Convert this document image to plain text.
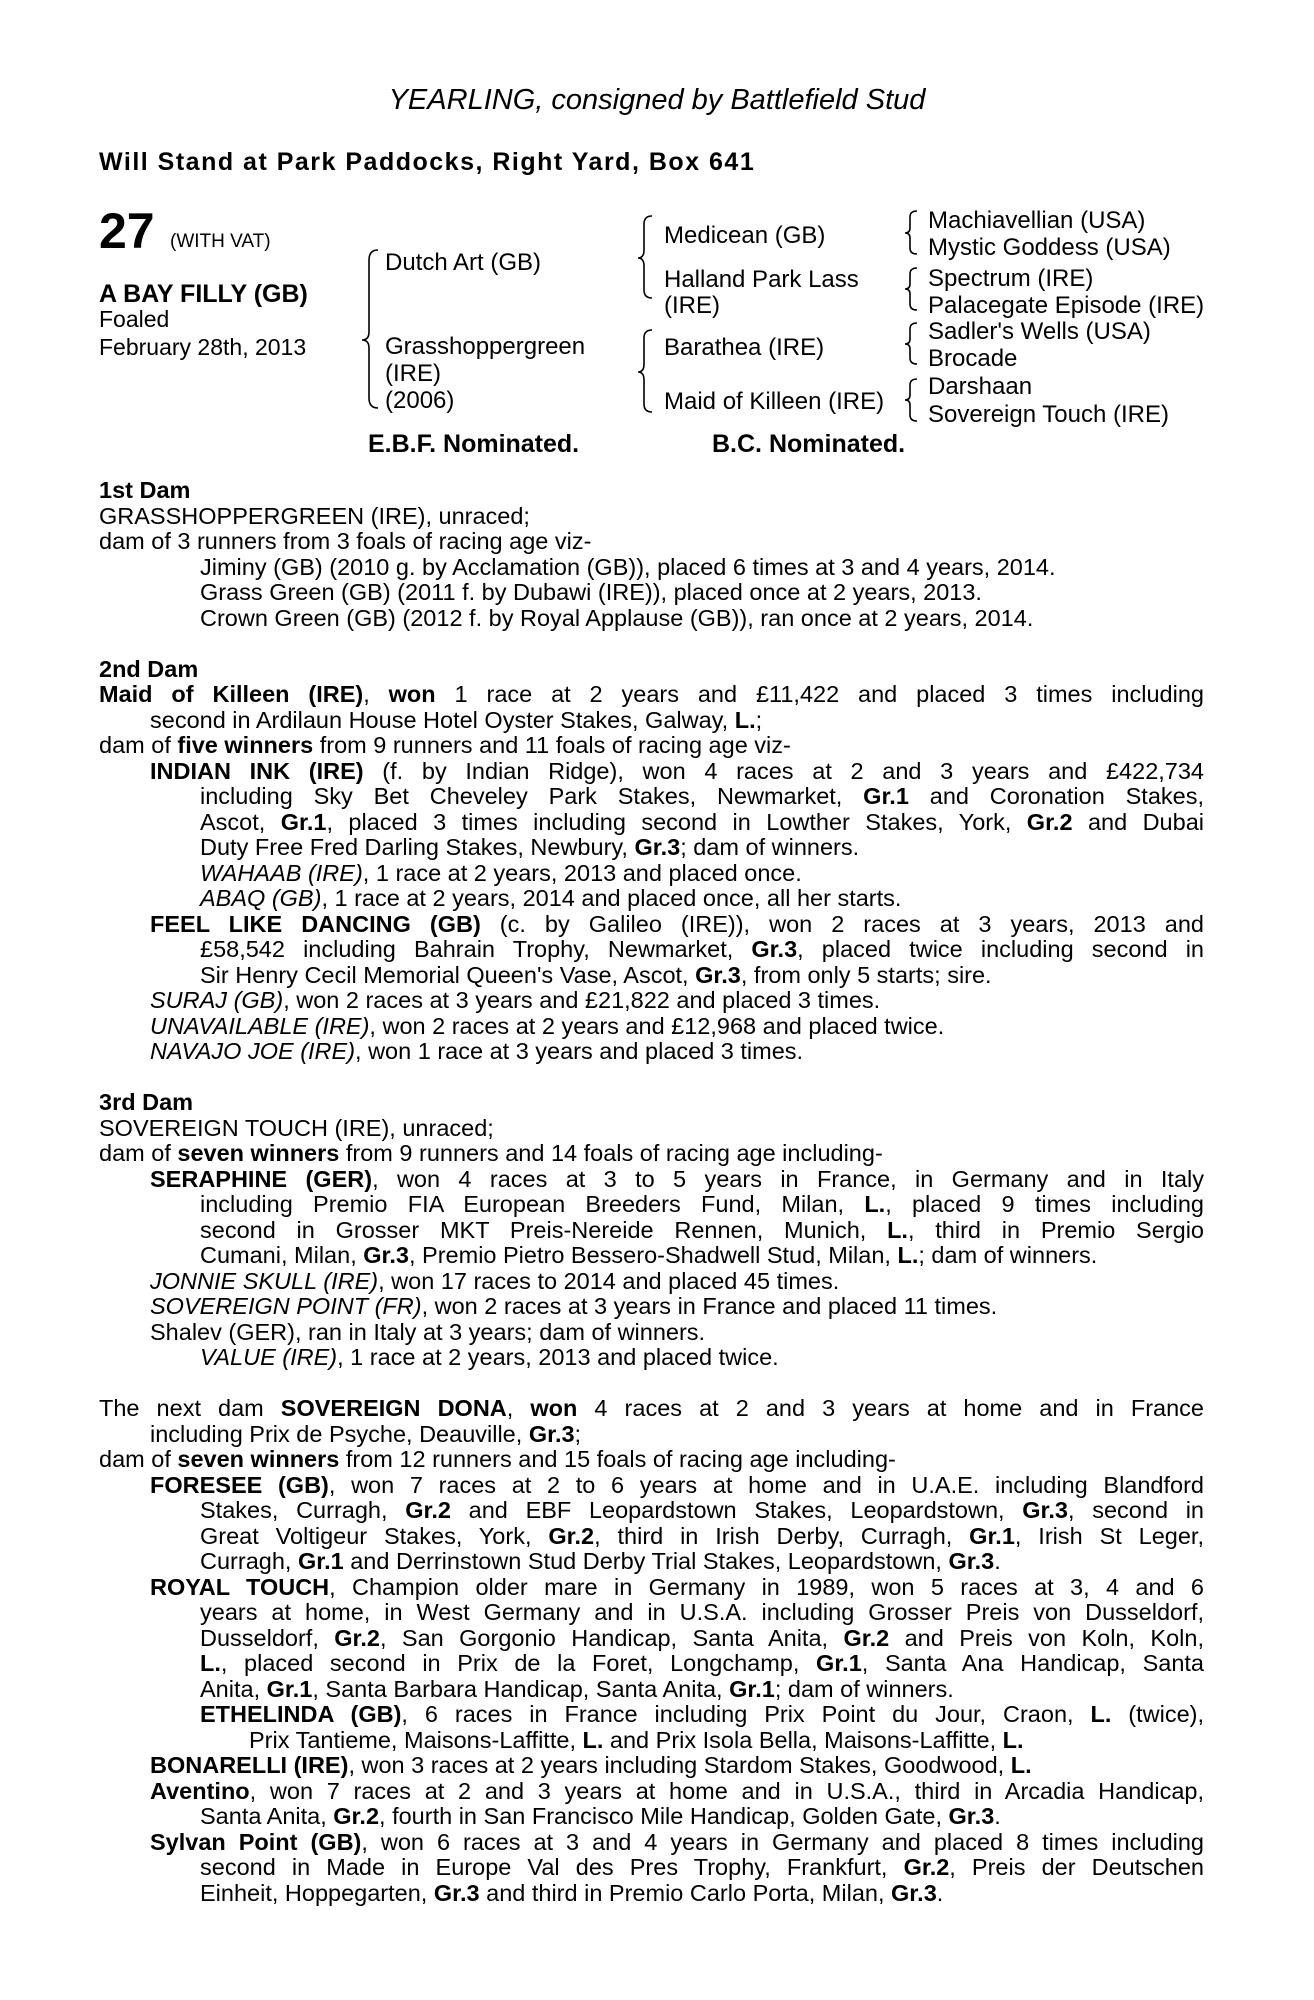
YEARLING, consigned by Battlefield Stud
Will Stand at Park Paddocks, Right Yard, Box 641
27 (WITH VAT)
A BAY FILLY (GB)
Foaled
February 28th, 2013
Dutch Art (GB)
Grasshoppergreen
(IRE)
(2006)
Medicean (GB)
Halland Park Lass
(IRE)
Barathea (IRE)
Maid of Killeen (IRE)
Machiavellian (USA)
Mystic Goddess (USA)
Spectrum (IRE)
Palacegate Episode (IRE)
Sadler's Wells (USA)
Brocade
Darshaan
Sovereign Touch (IRE)
E.B.F. Nominated.	B.C. Nominated.

1st Dam

GRASSHOPPERGREEN (IRE), unraced;

dam of 3 runners from 3 foals of racing age viz-

Jiminy (GB) (2010 g. by Acclamation (GB)), placed 6 times at 3 and 4 years, 2014.

Grass Green (GB) (2011 f. by Dubawi (IRE)), placed once at 2 years, 2013.

Crown Green (GB) (2012 f. by Royal Applause (GB)), ran once at 2 years, 2014.

2nd Dam

Maid of Killeen (IRE), won 1 race at 2 years and £11,422 and placed 3 times including

second in Ardilaun House Hotel Oyster Stakes, Galway, L.;

dam of five winners from 9 runners and 11 foals of racing age viz-

INDIAN INK (IRE) (f. by Indian Ridge), won 4 races at 2 and 3 years and £422,734

including Sky Bet Cheveley Park Stakes, Newmarket, Gr.1 and Coronation Stakes,

Ascot, Gr.1, placed 3 times including second in Lowther Stakes, York, Gr.2 and Dubai

Duty Free Fred Darling Stakes, Newbury, Gr.3; dam of winners.

WAHAAB (IRE), 1 race at 2 years, 2013 and placed once.

ABAQ (GB), 1 race at 2 years, 2014 and placed once, all her starts.

FEEL LIKE DANCING (GB) (c. by Galileo (IRE)), won 2 races at 3 years, 2013 and

£58,542 including Bahrain Trophy, Newmarket, Gr.3, placed twice including second in

Sir Henry Cecil Memorial Queen's Vase, Ascot, Gr.3, from only 5 starts; sire.

SURAJ (GB), won 2 races at 3 years and £21,822 and placed 3 times.

UNAVAILABLE (IRE), won 2 races at 2 years and £12,968 and placed twice.

NAVAJO JOE (IRE), won 1 race at 3 years and placed 3 times.

3rd Dam

SOVEREIGN TOUCH (IRE), unraced;

dam of seven winners from 9 runners and 14 foals of racing age including-

SERAPHINE (GER), won 4 races at 3 to 5 years in France, in Germany and in Italy

including Premio FIA European Breeders Fund, Milan, L., placed 9 times including

second in Grosser MKT Preis-Nereide Rennen, Munich, L., third in Premio Sergio

Cumani, Milan, Gr.3, Premio Pietro Bessero-Shadwell Stud, Milan, L.; dam of winners.

JONNIE SKULL (IRE), won 17 races to 2014 and placed 45 times.

SOVEREIGN POINT (FR), won 2 races at 3 years in France and placed 11 times.

Shalev (GER), ran in Italy at 3 years; dam of winners.

VALUE (IRE), 1 race at 2 years, 2013 and placed twice.

The next dam SOVEREIGN DONA, won 4 races at 2 and 3 years at home and in France

including Prix de Psyche, Deauville, Gr.3;

dam of seven winners from 12 runners and 15 foals of racing age including-

FORESEE (GB), won 7 races at 2 to 6 years at home and in U.A.E. including Blandford

Stakes, Curragh, Gr.2 and EBF Leopardstown Stakes, Leopardstown, Gr.3, second in

Great Voltigeur Stakes, York, Gr.2, third in Irish Derby, Curragh, Gr.1, Irish St Leger,

Curragh, Gr.1 and Derrinstown Stud Derby Trial Stakes, Leopardstown, Gr.3.

ROYAL TOUCH, Champion older mare in Germany in 1989, won 5 races at 3, 4 and 6

years at home, in West Germany and in U.S.A. including Grosser Preis von Dusseldorf,

Dusseldorf, Gr.2, San Gorgonio Handicap, Santa Anita, Gr.2 and Preis von Koln, Koln,

L., placed second in Prix de la Foret, Longchamp, Gr.1, Santa Ana Handicap, Santa

Anita, Gr.1, Santa Barbara Handicap, Santa Anita, Gr.1; dam of winners.

ETHELINDA (GB), 6 races in France including Prix Point du Jour, Craon, L. (twice),

Prix Tantieme, Maisons-Laffitte, L. and Prix Isola Bella, Maisons-Laffitte, L.

BONARELLI (IRE), won 3 races at 2 years including Stardom Stakes, Goodwood, L.

Aventino, won 7 races at 2 and 3 years at home and in U.S.A., third in Arcadia Handicap,

Santa Anita, Gr.2, fourth in San Francisco Mile Handicap, Golden Gate, Gr.3.

Sylvan Point (GB), won 6 races at 3 and 4 years in Germany and placed 8 times including

second in Made in Europe Val des Pres Trophy, Frankfurt, Gr.2, Preis der Deutschen

Einheit, Hoppegarten, Gr.3 and third in Premio Carlo Porta, Milan, Gr.3.
